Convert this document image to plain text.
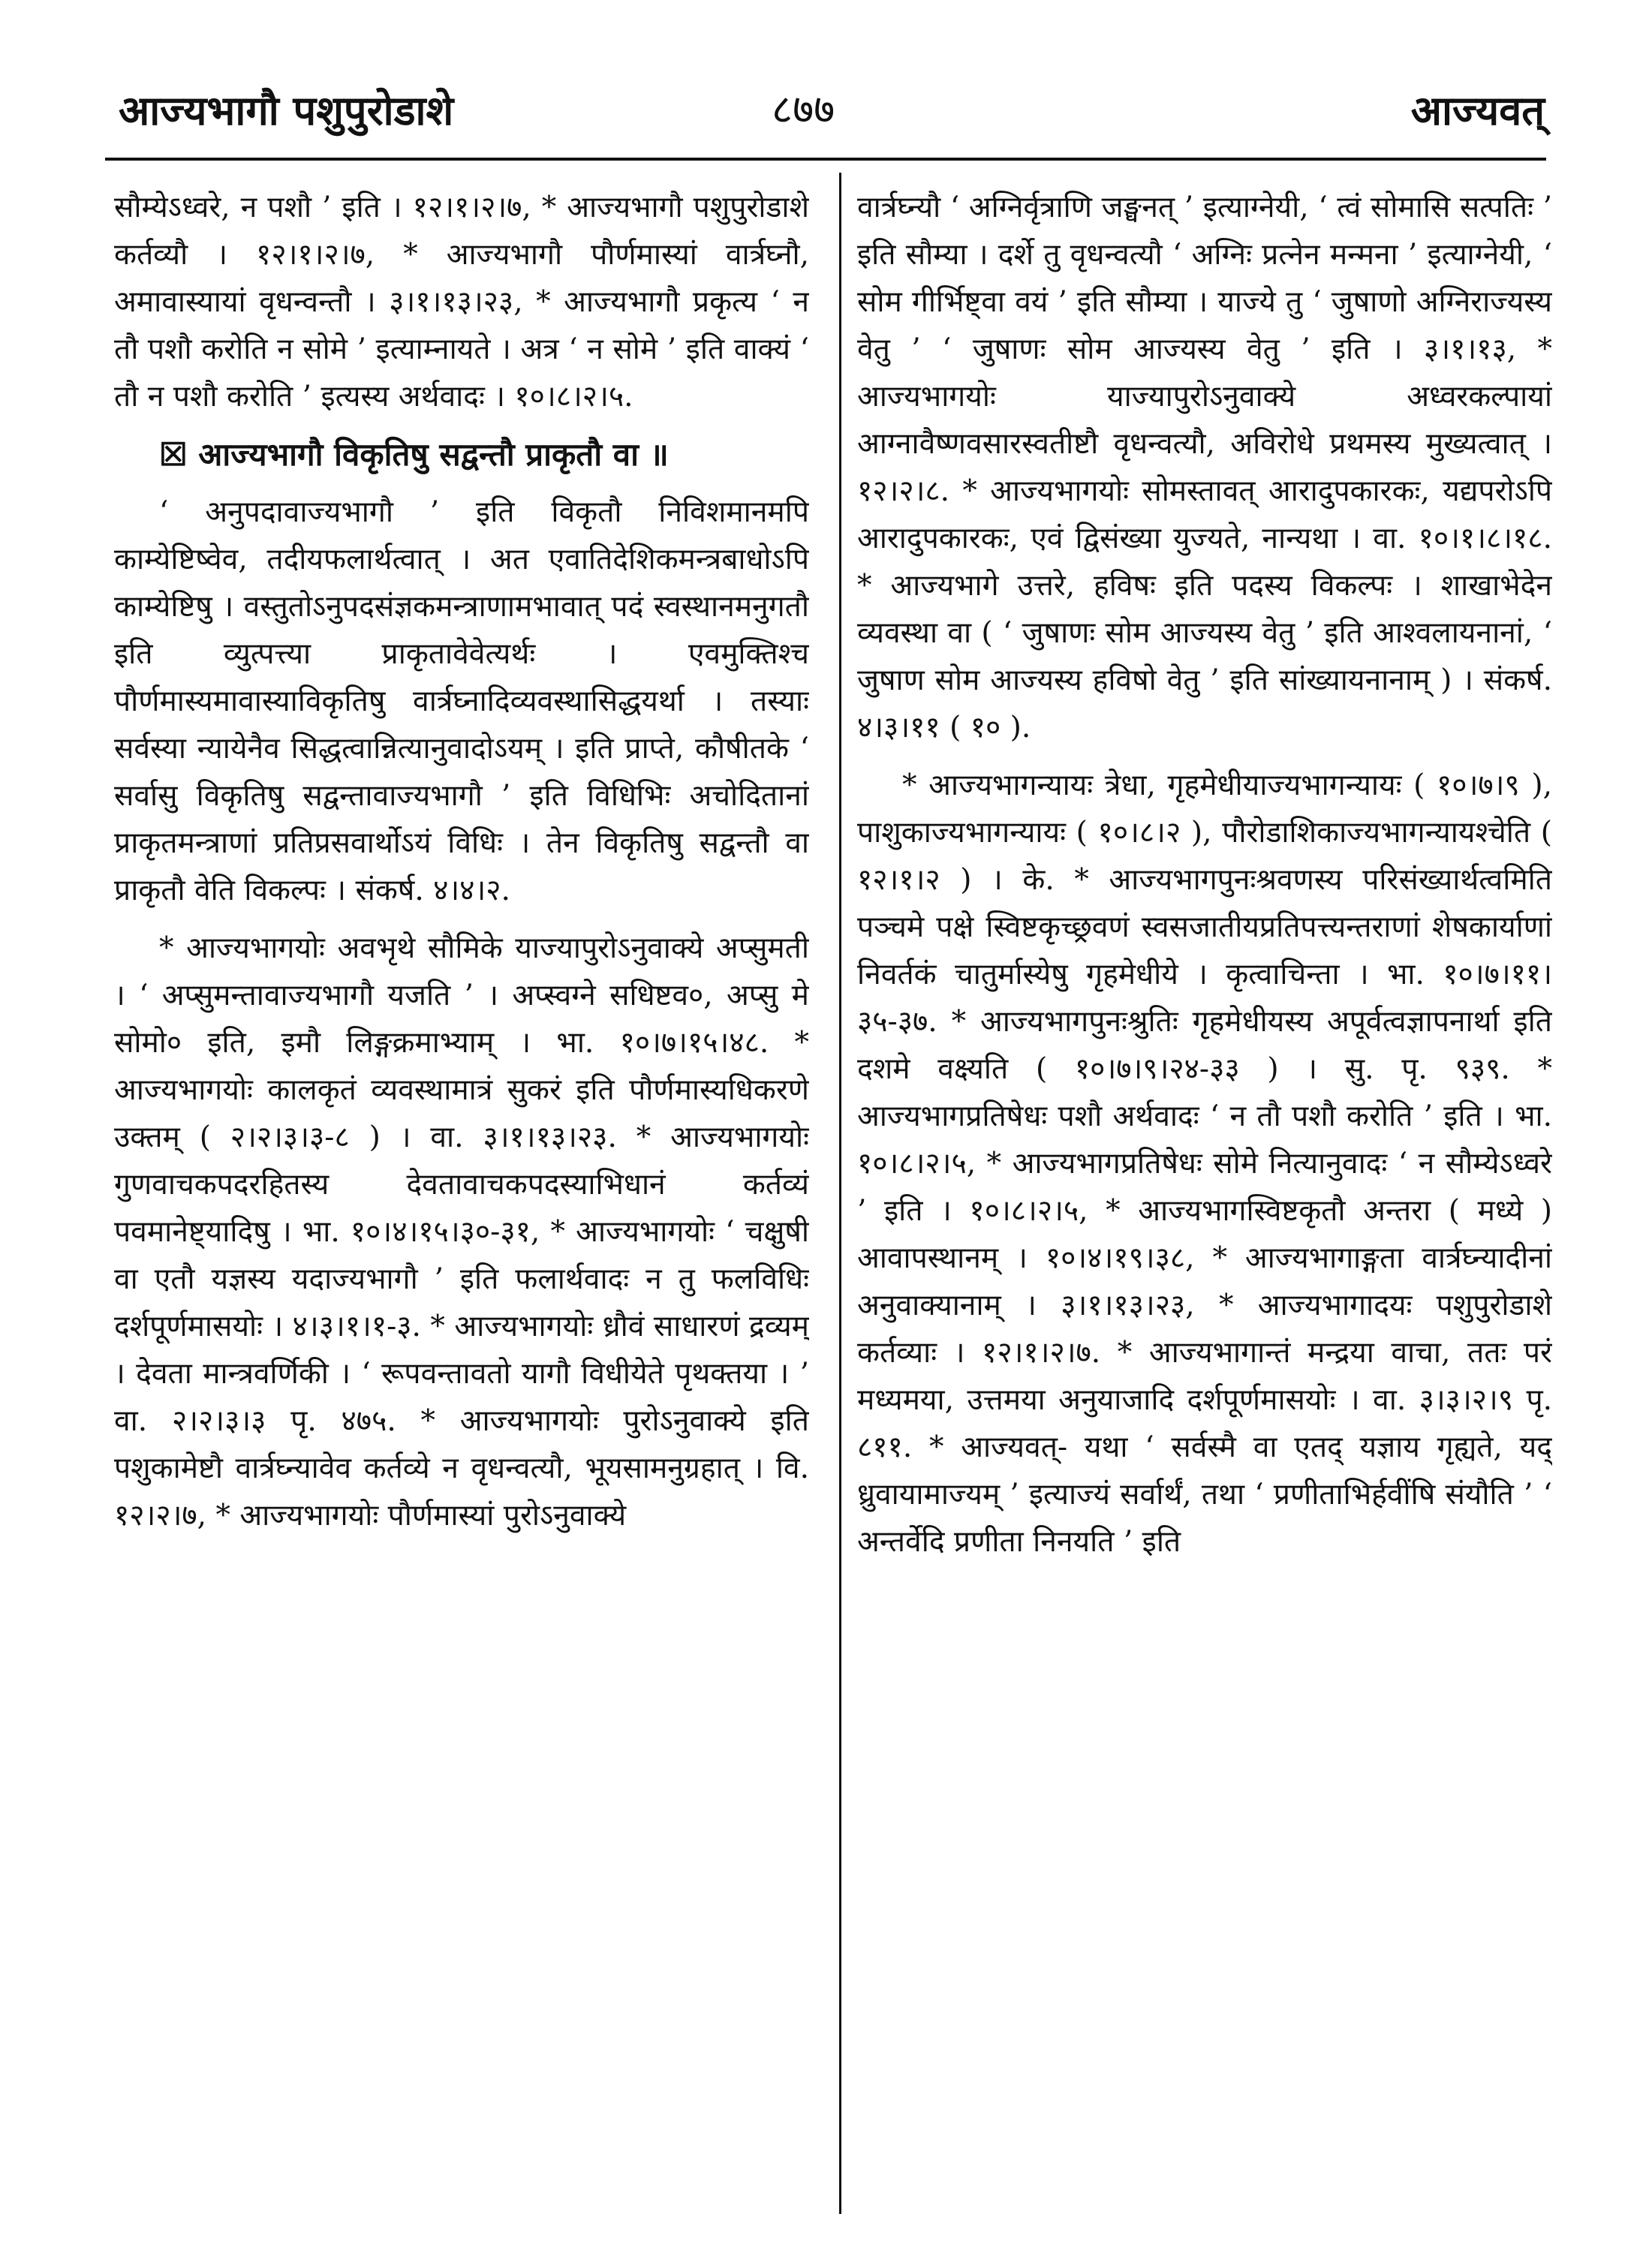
आज्यभागौ पशुपुरोडाशे	८७७	आज्यवत्

सौम्येऽध्वरे, न पशौ ’ इति । १२।१।२।७, * आज्यभागौ पशुपुरोडाशे कर्तव्यौ । १२।१।२।७, * आज्यभागौ पौर्णमास्यां वार्त्रघ्नौ, अमावास्यायां वृधन्वन्तौ । ३।१।१३।२३, * आज्यभागौ प्रकृत्य ‘ न तौ पशौ करोति न सोमे ’ इत्याम्नायते । अत्र ‘ न सोमे ’ इति वाक्यं ‘ तौ न पशौ करोति ’ इत्यस्य अर्थवादः । १०।८।२।५.

☒ आज्यभागौ विकृतिषु सद्वन्तौ प्राकृतौ वा ॥

‘ अनुपदावाज्यभागौ ’ इति विकृतौ निविशमानमपि काम्येष्टिष्वेव, तदीयफलार्थत्वात् । अत एवातिदेशिकमन्त्रबाधोऽपि काम्येष्टिषु । वस्तुतोऽनुपदसंज्ञकमन्त्राणामभावात् पदं स्वस्थानमनुगतौ इति व्युत्पत्त्या प्राकृतावेवेत्यर्थः । एवमुक्तिश्च पौर्णमास्यमावास्याविकृतिषु वार्त्रघ्नादिव्यवस्थासिद्धयर्था । तस्याः सर्वस्या न्यायेनैव सिद्धत्वान्नित्यानुवादोऽयम् । इति प्राप्ते, कौषीतके ‘ सर्वासु विकृतिषु सद्वन्तावाज्यभागौ ’ इति विधिभिः अचोदितानां प्राकृतमन्त्राणां प्रतिप्रसवार्थोऽयं विधिः । तेन विकृतिषु सद्वन्तौ वा प्राकृतौ वेति विकल्पः । संकर्ष. ४।४।२.

* आज्यभागयोः अवभृथे सौमिके याज्यापुरोऽनुवाक्ये अप्सुमती । ‘ अप्सुमन्तावाज्यभागौ यजति ’ । अप्स्वग्ने सधिष्टव०, अप्सु मे सोमो० इति, इमौ लिङ्गक्रमाभ्याम् । भा. १०।७।१५।४८. * आज्यभागयोः कालकृतं व्यवस्थामात्रं सुकरं इति पौर्णमास्यधिकरणे उक्तम् ( २।२।३।३-८ ) । वा. ३।१।१३।२३. * आज्यभागयोः गुणवाचकपदरहितस्य देवतावाचकपदस्याभिधानं कर्तव्यं पवमानेष्ट्यादिषु । भा. १०।४।१५।३०-३१, * आज्यभागयोः ‘ चक्षुषी वा एतौ यज्ञस्य यदाज्यभागौ ’ इति फलार्थवादः न तु फलविधिः दर्शपूर्णमासयोः । ४।३।१।१-३. * आज्यभागयोः ध्रौवं साधारणं द्रव्यम् । देवता मान्त्रवर्णिकी । ‘ रूपवन्तावतो यागौ विधीयेते पृथक्तया । ’ वा. २।२।३।३ पृ. ४७५. * आज्यभागयोः पुरोऽनुवाक्ये इति पशुकामेष्टौ वार्त्रघ्न्यावेव कर्तव्ये न वृधन्वत्यौ, भूयसामनुग्रहात् । वि. १२।२।७, * आज्यभागयोः पौर्णमास्यां पुरोऽनुवाक्ये

वार्त्रघ्न्यौ ‘ अग्निर्वृत्राणि जङ्घनत् ’ इत्याग्नेयी, ‘ त्वं सोमासि सत्पतिः ’ इति सौम्या । दर्शे तु वृधन्वत्यौ ‘ अग्निः प्रत्नेन मन्मना ’ इत्याग्नेयी, ‘ सोम गीर्भिष्ट्वा वयं ’ इति सौम्या । याज्ये तु ‘ जुषाणो अग्निराज्यस्य वेतु ’ ‘ जुषाणः सोम आज्यस्य वेतु ’ इति । ३।१।१३, * आज्यभागयोः याज्यापुरोऽनुवाक्ये अध्वरकल्पायां आग्नावैष्णवसारस्वतीष्टौ वृधन्वत्यौ, अविरोधे प्रथमस्य मुख्यत्वात् । १२।२।८. * आज्यभागयोः सोमस्तावत् आरादुपकारकः, यद्यपरोऽपि आरादुपकारकः, एवं द्विसंख्या युज्यते, नान्यथा । वा. १०।१।८।१८. * आज्यभागे उत्तरे, हविषः इति पदस्य विकल्पः । शाखाभेदेन व्यवस्था वा ( ‘ जुषाणः सोम आज्यस्य वेतु ’ इति आश्वलायनानां, ‘ जुषाण सोम आज्यस्य हविषो वेतु ’ इति सांख्यायनानाम् ) । संकर्ष. ४।३।११ ( १० ).

* आज्यभागन्यायः त्रेधा, गृहमेधीयाज्यभागन्यायः ( १०।७।९ ), पाशुकाज्यभागन्यायः ( १०।८।२ ), पौरोडाशिकाज्यभागन्यायश्चेति ( १२।१।२ ) । के. * आज्यभागपुनःश्रवणस्य परिसंख्यार्थत्वमिति पञ्चमे पक्षे स्विष्टकृच्छ्रवणं स्वसजातीयप्रतिपत्त्यन्तराणां शेषकार्याणां निवर्तकं चातुर्मास्येषु गृहमेधीये । कृत्वाचिन्ता । भा. १०।७।११।३५-३७. * आज्यभागपुनःश्रुतिः गृहमेधीयस्य अपूर्वत्वज्ञापनार्था इति दशमे वक्ष्यति ( १०।७।९।२४-३३ ) । सु. पृ. ९३९. * आज्यभागप्रतिषेधः पशौ अर्थवादः ‘ न तौ पशौ करोति ’ इति । भा. १०।८।२।५, * आज्यभागप्रतिषेधः सोमे नित्यानुवादः ‘ न सौम्येऽध्वरे ’ इति । १०।८।२।५, * आज्यभागस्विष्टकृतौ अन्तरा ( मध्ये ) आवापस्थानम् । १०।४।१९।३८, * आज्यभागाङ्गता वार्त्रघ्न्यादीनां अनुवाक्यानाम् । ३।१।१३।२३, * आज्यभागादयः पशुपुरोडाशे कर्तव्याः । १२।१।२।७. * आज्यभागान्तं मन्द्रया वाचा, ततः परं मध्यमया, उत्तमया अनुयाजादि दर्शपूर्णमासयोः । वा. ३।३।२।९ पृ. ८११. * आज्यवत्- यथा ‘ सर्वस्मै वा एतद् यज्ञाय गृह्यते, यद् ध्रुवायामाज्यम् ’ इत्याज्यं सर्वार्थं, तथा ‘ प्रणीताभिर्हवींषि संयौति ’ ‘ अन्तर्वेदि प्रणीता निनयति ’ इति
